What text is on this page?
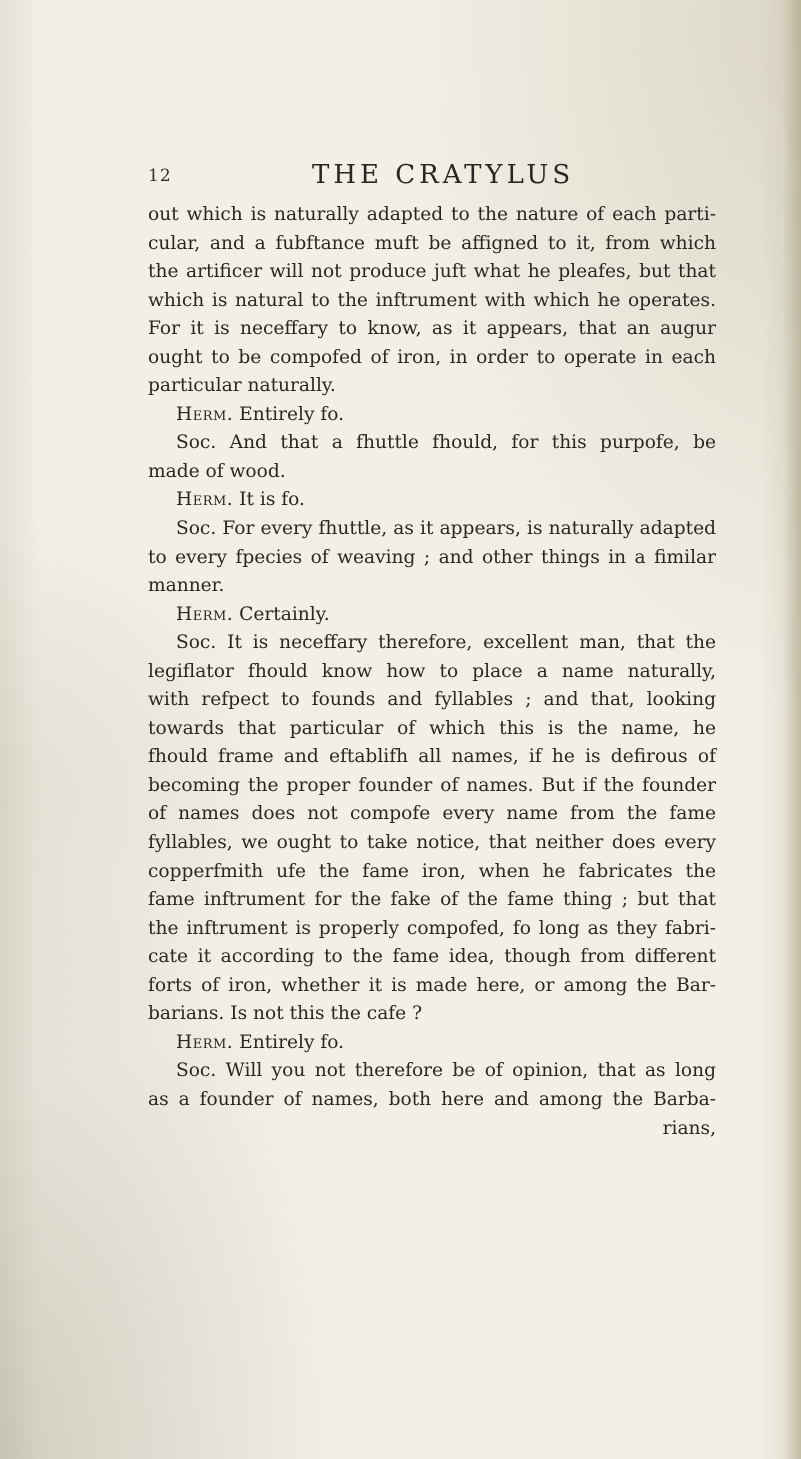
12	THE CRATYLUS
out which is naturally adapted to the nature of each parti-
cular, and a fubftance muft be affigned to it, from which
the artificer will not produce juft what he pleafes, but that
which is natural to the inftrument with which he operates.
For it is neceffary to know, as it appears, that an augur
ought to be compofed of iron, in order to operate in each
particular naturally.
Herm. Entirely fo.
Soc. And that a fhuttle fhould, for this purpofe, be
made of wood.
Herm. It is fo.
Soc. For every fhuttle, as it appears, is naturally adapted
to every fpecies of weaving ; and other things in a fimilar
manner.
Herm. Certainly.
Soc. It is neceffary therefore, excellent man, that the
legiflator fhould know how to place a name naturally,
with refpect to founds and fyllables ; and that, looking
towards that particular of which this is the name, he
fhould frame and eftablifh all names, if he is defirous of
becoming the proper founder of names. But if the founder
of names does not compofe every name from the fame
fyllables, we ought to take notice, that neither does every
copperfmith ufe the fame iron, when he fabricates the
fame inftrument for the fake of the fame thing ; but that
the inftrument is properly compofed, fo long as they fabri-
cate it according to the fame idea, though from different
forts of iron, whether it is made here, or among the Bar-
barians. Is not this the cafe ?
Herm. Entirely fo.
Soc. Will you not therefore be of opinion, that as long
as a founder of names, both here and among the Barba-
rians,
